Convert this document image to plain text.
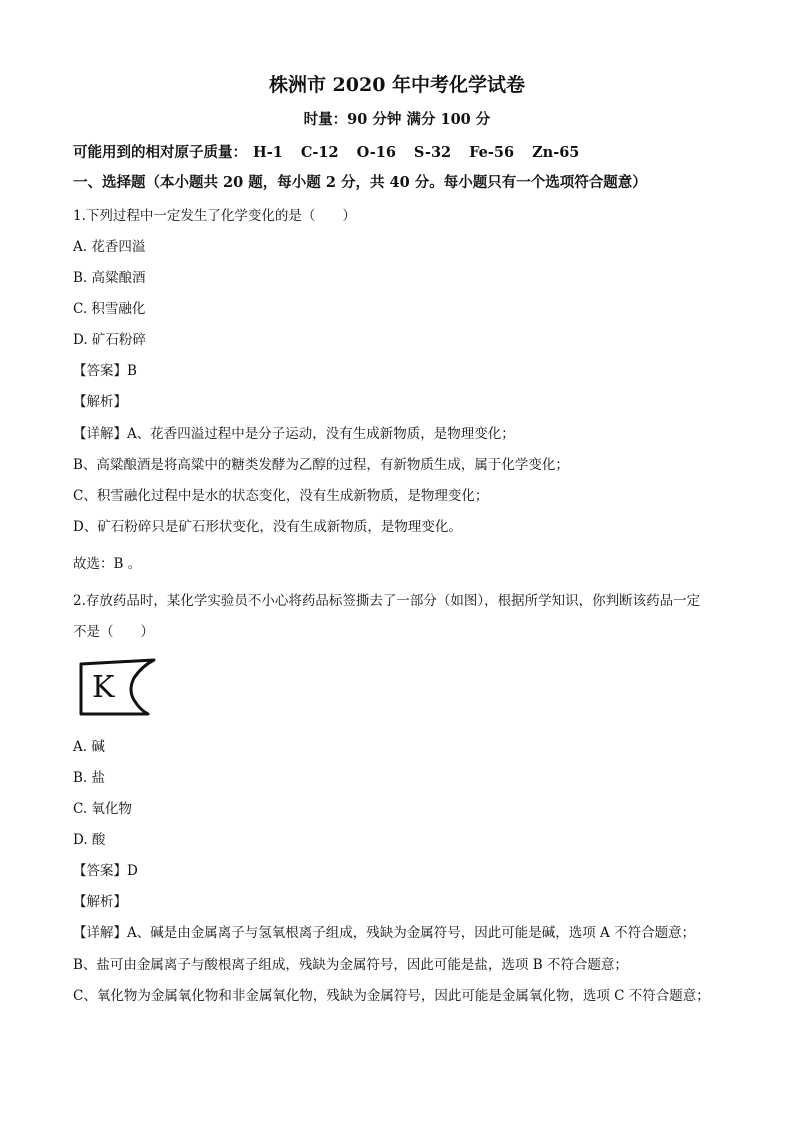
株洲市 2020 年中考化学试卷
时量：90 分钟 满分 100 分
可能用到的相对原子质量： H-1 C-12 O-16 S-32 Fe-56 Zn-65
一、选择题（本小题共 20 题，每小题 2 分，共 40 分。每小题只有一个选项符合题意）
1.下列过程中一定发生了化学变化的是（　　）
A. 花香四溢
B. 高粱酿酒
C. 积雪融化
D. 矿石粉碎
【答案】B
【解析】
【详解】A、花香四溢过程中是分子运动，没有生成新物质，是物理变化；
B、高粱酿酒是将高粱中的糖类发酵为乙醇的过程，有新物质生成，属于化学变化；
C、积雪融化过程中是水的状态变化，没有生成新物质，是物理变化；
D、矿石粉碎只是矿石形状变化，没有生成新物质，是物理变化。
故选：B 。
2.存放药品时，某化学实验员不小心将药品标签撕去了一部分（如图），根据所学知识，你判断该药品一定
不是（　　）
K
A. 碱
B. 盐
C. 氧化物
D. 酸
【答案】D
【解析】
【详解】A、碱是由金属离子与氢氧根离子组成，残缺为金属符号，因此可能是碱，选项 A 不符合题意；
B、盐可由金属离子与酸根离子组成，残缺为金属符号，因此可能是盐，选项 B 不符合题意；
C、氧化物为金属氧化物和非金属氧化物，残缺为金属符号，因此可能是金属氧化物，选项 C 不符合题意；
